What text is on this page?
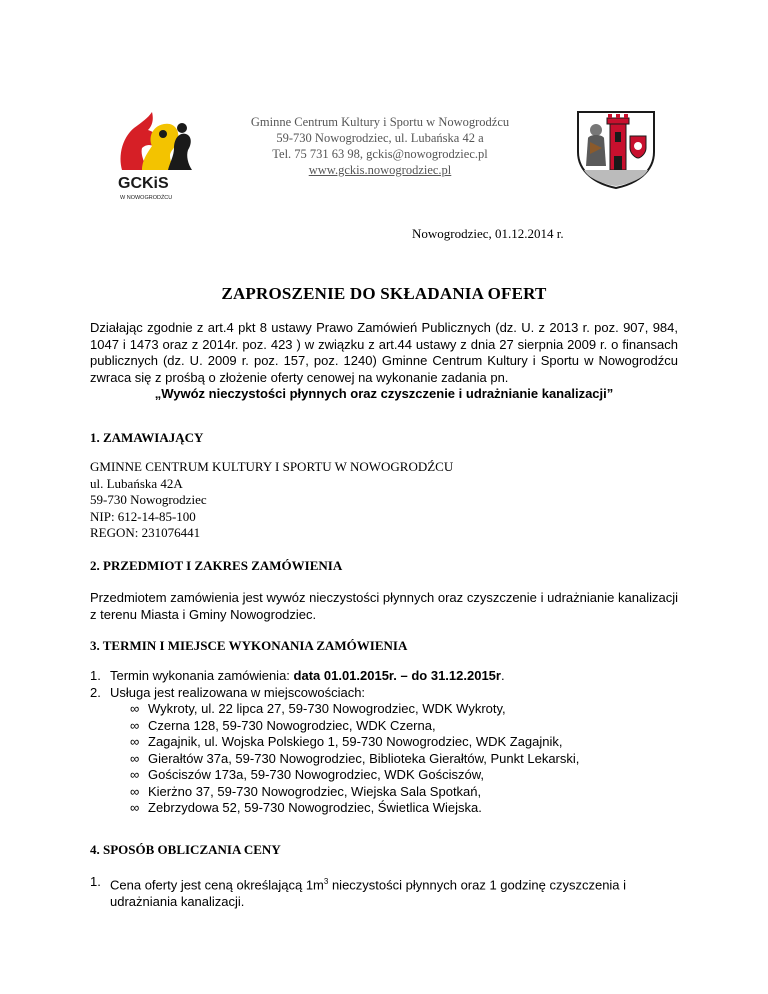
GCKiS
W NOWOGRODŹCU
Gminne Centrum Kultury i Sportu w Nowogrodźcu
59-730 Nowogrodziec, ul. Lubańska 42 a
Tel. 75 731 63 98, gckis@nowogrodziec.pl
www.gckis.nowogrodziec.pl
Nowogrodziec, 01.12.2014 r.
ZAPROSZENIE DO SKŁADANIA OFERT
Działając zgodnie z art.4 pkt 8 ustawy Prawo Zamówień Publicznych (dz. U. z 2013 r. poz. 907, 984, 1047 i 1473 oraz z 2014r. poz. 423 ) w związku z art.44 ustawy z dnia 27 sierpnia 2009 r. o finansach publicznych (dz. U. 2009 r. poz. 157, poz. 1240) Gminne Centrum Kultury i Sportu w Nowogrodźcu zwraca się z prośbą o złożenie oferty cenowej na wykonanie zadania pn.
„Wywóz nieczystości płynnych oraz czyszczenie i udrażnianie kanalizacji”
1. ZAMAWIAJĄCY
GMINNE CENTRUM KULTURY I SPORTU W NOWOGRODŹCU
ul. Lubańska 42A
59-730 Nowogrodziec
NIP: 612-14-85-100
REGON: 231076441
2. PRZEDMIOT I ZAKRES ZAMÓWIENIA
Przedmiotem zamówienia jest wywóz nieczystości płynnych oraz czyszczenie i udrażnianie kanalizacji z terenu Miasta i Gminy Nowogrodziec.
3. TERMIN I MIEJSCE WYKONANIA ZAMÓWIENIA
1. Termin wykonania zamówienia: data 01.01.2015r. – do 31.12.2015r.
2. Usługa jest realizowana w miejscowościach:
∞ Wykroty, ul. 22 lipca 27, 59-730 Nowogrodziec, WDK Wykroty,
∞ Czerna 128, 59-730 Nowogrodziec, WDK Czerna,
∞ Zagajnik, ul. Wojska Polskiego 1, 59-730 Nowogrodziec, WDK Zagajnik,
∞ Gierałtów 37a, 59-730 Nowogrodziec, Biblioteka Gierałtów, Punkt Lekarski,
∞ Gościszów 173a, 59-730 Nowogrodziec, WDK Gościszów,
∞ Kierżno 37, 59-730 Nowogrodziec, Wiejska Sala Spotkań,
∞ Zebrzydowa 52, 59-730 Nowogrodziec, Świetlica Wiejska.
4. SPOSÓB OBLICZANIA CENY
1. Cena oferty jest ceną określającą $1m^3$ nieczystości płynnych oraz 1 godzinę czyszczenia i udrażniania kanalizacji.
